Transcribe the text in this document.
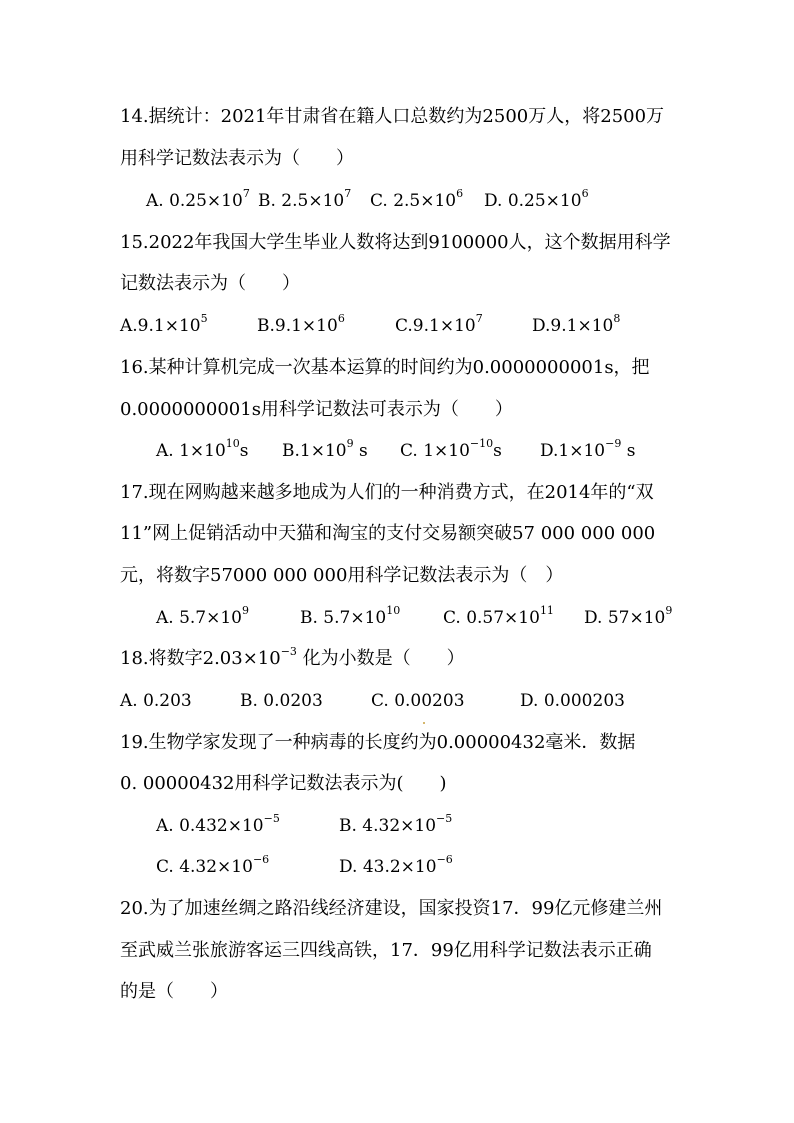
14.据统计：2021年甘肃省在籍人口总数约为2500万人，将2500万
用科学记数法表示为（　　）
A. $0.25\times 10^7$ B. $2.5\times 10^7$ C. $2.5\times 10^6$ D. $0.25\times 10^6$
15.2022年我国大学生毕业人数将达到9100000人，这个数据用科学
记数法表示为（　　）
$A.9.1\times 10^5$	$B.9.1\times 10^6$	$C.9.1\times 10^7$	$D.9.1\times 10^8$
16.某种计算机完成一次基本运算的时间约为0.0000000001s，把
0.0000000001s用科学记数法可表示为（　　）
A. $1\times 10^{10}s$ $B.1\times 10^9$ s C. $1\times 10^{-10}s$ $D.1\times 10^{-9}$ s
17.现在网购越来越多地成为人们的一种消费方式，在2014年的“双
11”网上促销活动中天猫和淘宝的支付交易额突破57 000 000 000
元，将数字57000 000 000用科学记数法表示为（　）
A. $5.7\times 10^9$	B. $5.7\times 10^{10}$	C. $0.57\times 10^{11}$ D. $57\times 10^9$
18.将数字$2.03\times 10^{-3}$ 化为小数是（　　）
A. 0.203	B. 0.0203	C. 0.00203	D. 0.000203
19.生物学家发现了一种病毒的长度约为0.00000432毫米．数据
0. 00000432用科学记数法表示为(　　)
A. $0.432\times 10^{-5}$	B. $4.32\times 10^{-5}$
C. $4.32\times 10^{-6}$	D. $43.2\times 10^{-6}$
20.为了加速丝绸之路沿线经济建设，国家投资17．99亿元修建兰州
至武威兰张旅游客运三四线高铁，17．99亿用科学记数法表示正确
的是（　　）
